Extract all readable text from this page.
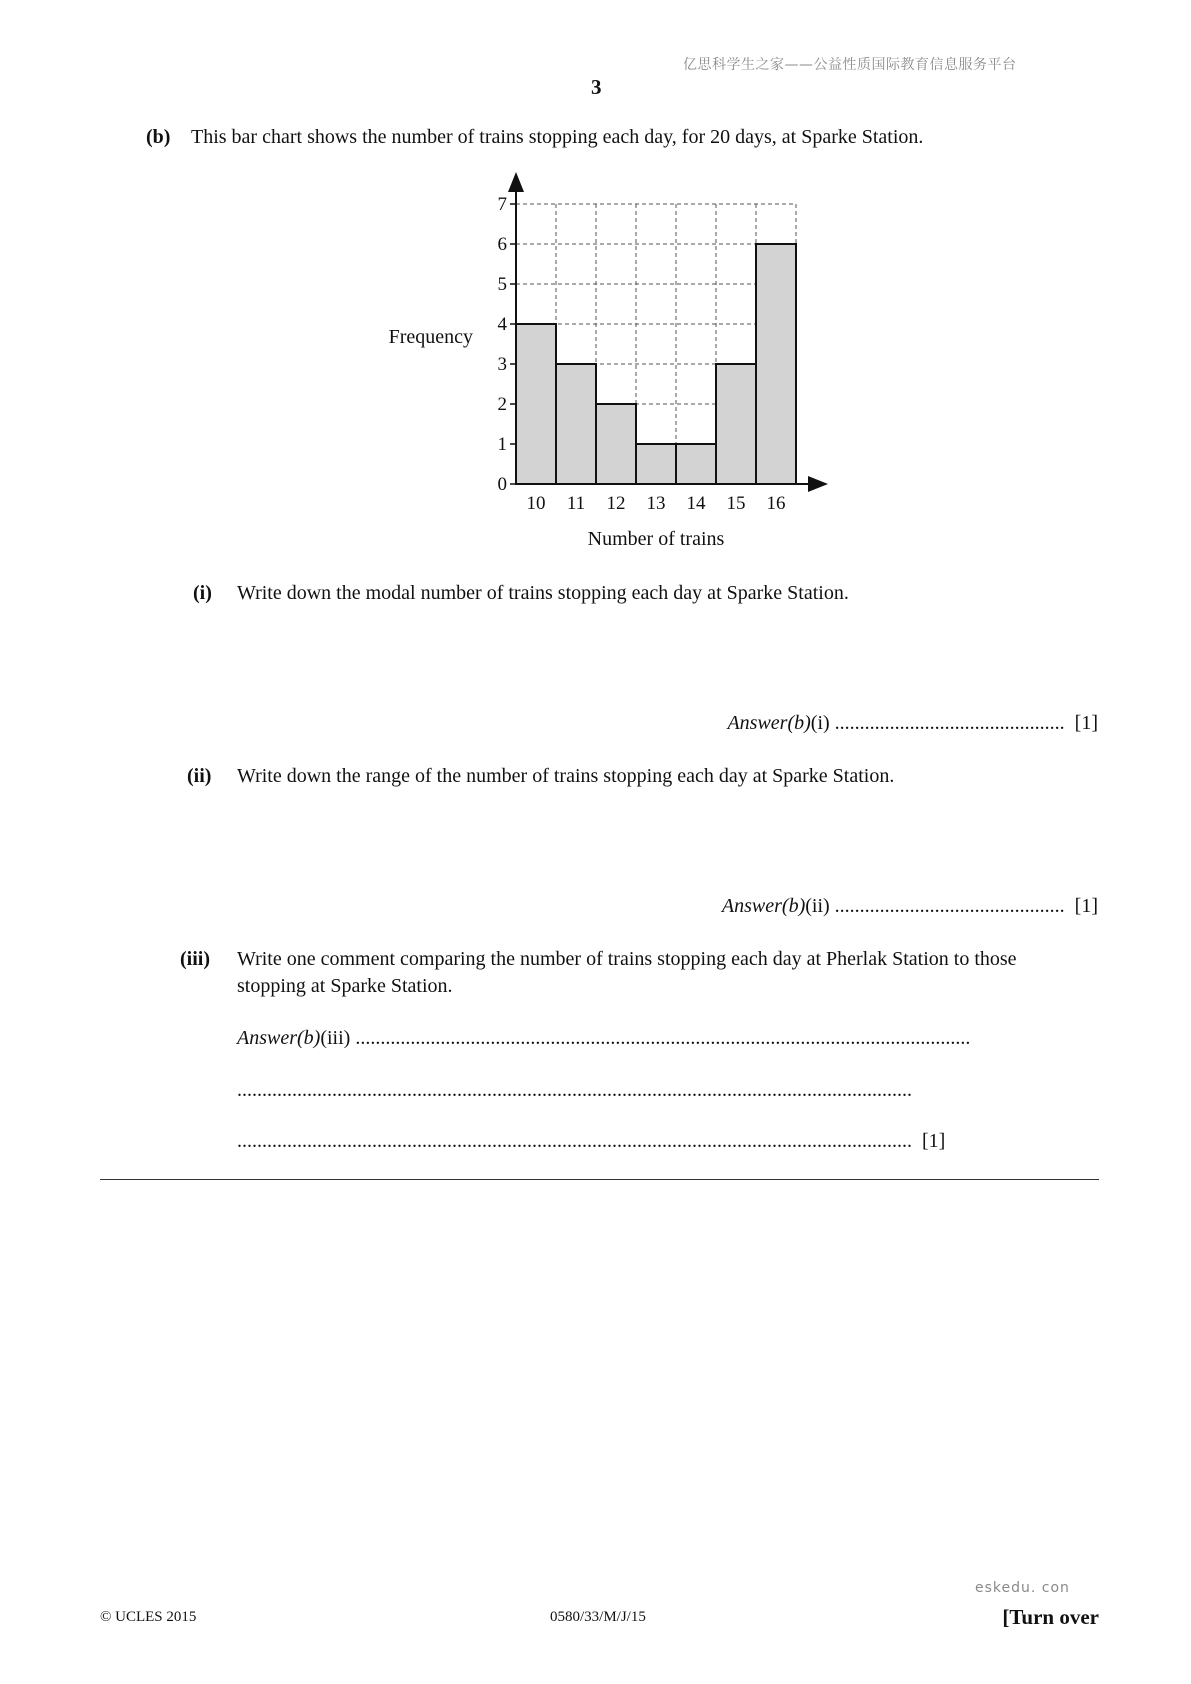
亿思科学生之家——公益性质国际教育信息服务平台
3
(b) This bar chart shows the number of trains stopping each day, for 20 days, at Sparke Station.
0
1
2
3
4
5
6
7
10 11 12 13 14 15 16
Number of trains
Frequency
(i) Write down the modal number of trains stopping each day at Sparke Station.
Answer(b)(i) .............................................. [1]
(ii) Write down the range of the number of trains stopping each day at Sparke Station.
Answer(b)(ii) .............................................. [1]
(iii) Write one comment comparing the number of trains stopping each day at Pherlak Station to those
stopping at Sparke Station.
Answer(b)(iii) ...........................................................................................................................
.......................................................................................................................................
....................................................................................................................................... [1]
eskedu. con
© UCLES 2015	0580/33/M/J/15	[Turn over
